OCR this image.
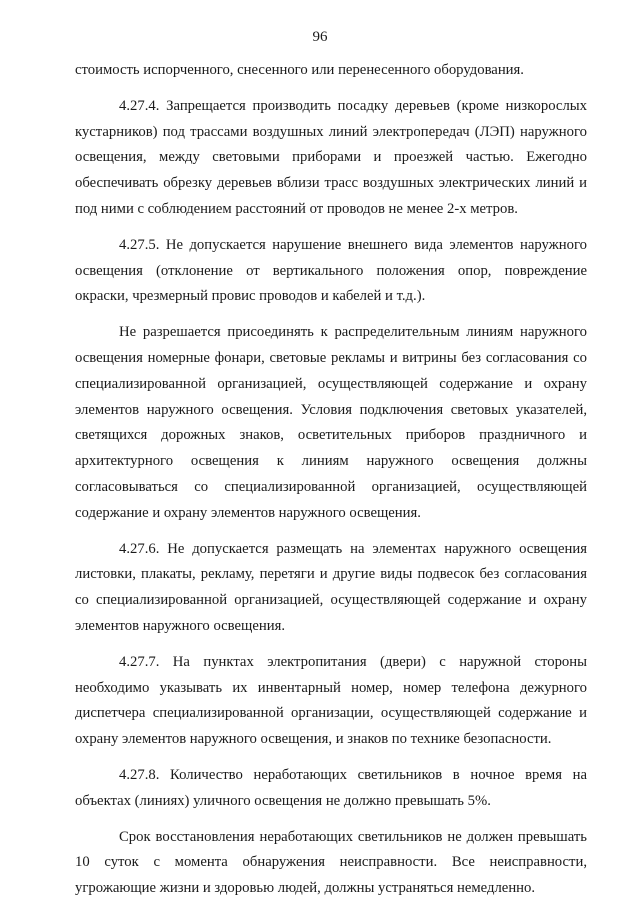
96

стоимость испорченного, снесенного или перенесенного оборудования.

4.27.4. Запрещается производить посадку деревьев (кроме низкорослых кустарников) под трассами воздушных линий электропередач (ЛЭП) наружного освещения, между световыми приборами и проезжей частью. Ежегодно обеспечивать обрезку деревьев вблизи трасс воздушных электрических линий и под ними с соблюдением расстояний от проводов не менее 2-х метров.

4.27.5. Не допускается нарушение внешнего вида элементов наружного освещения (отклонение от вертикального положения опор, повреждение окраски, чрезмерный провис проводов и кабелей и т.д.).

Не разрешается присоединять к распределительным линиям наружного освещения номерные фонари, световые рекламы и витрины без согласования со специализированной организацией, осуществляющей содержание и охрану элементов наружного освещения. Условия подключения световых указателей, светящихся дорожных знаков, осветительных приборов праздничного и архитектурного освещения к линиям наружного освещения должны согласовываться со специализированной организацией, осуществляющей содержание и охрану элементов наружного освещения.

4.27.6. Не допускается размещать на элементах наружного освещения листовки, плакаты, рекламу, перетяги и другие виды подвесок без согласования со специализированной организацией, осуществляющей содержание и охрану элементов наружного освещения.

4.27.7. На пунктах электропитания (двери) с наружной стороны необходимо указывать их инвентарный номер, номер телефона дежурного диспетчера специализированной организации, осуществляющей содержание и охрану элементов наружного освещения, и знаков по технике безопасности.

4.27.8. Количество неработающих светильников в ночное время на объектах (линиях) уличного освещения не должно превышать 5%.

Срок восстановления неработающих светильников не должен превышать 10 суток с момента обнаружения неисправности. Все неисправности, угрожающие жизни и здоровью людей, должны устраняться немедленно.
